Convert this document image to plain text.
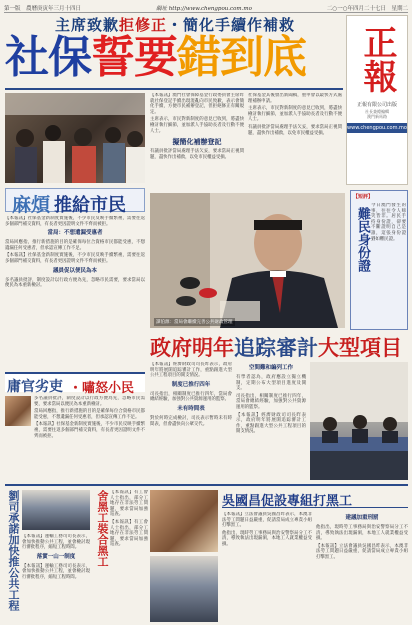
第一版　農曆庚寅年三月十四日	網址 http://www.chengpou.com.mo	二○一○年四月二十七日　星期二
主席致歉拒修正・簡化手續作補救
社保誓要錯到底	正報
正報有限公司出版
社長兼總編輯
澳門新馬路
www.chengpou.com.mo

【本報訊】澳門社會保障基金行政委員會主席昨就社保登記手續出現混亂向市民致歉，表示會簡化手續，方便市民補辦登記，但拒絕修正有關規定。

主席表示，市民對新制度的意見已收到，將盡快檢討執行細節，並加派人手協助長者及行動不便人士。

擬簡化補辦登記

有議員批評當局處理手法欠妥，要求當局正視問題，盡快作出補救，以免市民權益受損。

社保基金其後發出新聞稿，重申會以最快方式處理補辦申請。

主席表示，市民對新制度的意見已收到，將盡快檢討執行細節，並加派人手協助長者及行動不便人士。

有議員批評當局處理手法欠妥，要求當局正視問題，盡快作出補救，以免市民權益受損。

麻煩 推給市民

【本報訊】社保基金新制度實施後，不少市民反映手續繁複，需要往返多個部門補交資料，有長者更因證明文件不齊而被拒。

當局：不想遺漏受惠者

當局回應指，推行新措施的目的是確保每位合資格市民都能受惠，不想遺漏任何受惠者，但承認宣傳工作不足。

【本報訊】社保基金新制度實施後，不少市民反映手續繁複，需要往返多個部門補交資料，有長者更因證明文件不齊而被拒。

議員促以便民為本

多名議員批評，制度設計以行政方便為先，忽略市民需要，要求當局以便民為本重新檢討。

庸官劣吏 ・嘯怒小民

多名議員批評，制度設計以行政方便為先，忽略市民需要，要求當局以便民為本重新檢討。

當局回應指，推行新措施的目的是確保每位合資格市民都能受惠，不想遺漏任何受惠者，但承認宣傳工作不足。

【本報訊】社保基金新制度實施後，不少市民反映手續繁複，需要往返多個部門補交資料，有長者更因證明文件不齊而被拒。

譚伯源：當局會繼續完善公共財政管理
【短評】
難民身份證
今日澳門發生的事，往往令人啼笑皆非。居民手持身份證，卻要不斷證明自己是誰，這張身份證猶如難民證。
政府明年追踪審計大型項目

【本報訊】經濟財政司司長昨表示，政府明年將展開追踪審計工作，重點跟進大型公共工程項目的開支情況。

制度已推行四年

司長指出，相關制度已推行四年，當局會總結經驗，加強對公共資源運用的監察。

未有時間表

對於何時完成檢討，司長表示暫時未有時間表，但會盡快向公眾交代。

空間難和編列工作

有學者認為，政府應設立獨立機制，定期公布大型項目進度及開支。

司長指出，相關制度已推行四年，當局會總結經驗，加強對公共資源運用的監察。

【本報訊】經濟財政司司長昨表示，政府明年將展開追踪審計工作，重點跟進大型公共工程項目的開支情況。

劉司承諾加快推公共工程 【本報訊】運輸工務司司長表示，會加快推動公共工程，並會檢討現行審批程序，縮短工程時間。

落實一山一制度

【本報訊】運輸工務司司長表示，會加快推動公共工程，並會檢討現行審批程序，縮短工程時間。

舍黑工裝合黑工 【本報訊】有工會人士指出，部分工地存在非法勞工問題，要求當局加強巡查。

【本報訊】有工會人士指出，部分工地存在非法勞工問題，要求當局加強巡查。

吳國昌促設專組打黑工

【本報訊】立法會議員吳國昌昨表示，本澳非法勞工問題日益嚴重，促請當局成立專責小組打擊黑工。

他指出，現時勞工事務局與治安警察局分工不清，導致執法出現漏洞，本地工人就業權益受損。

建議加重刑罰

他指出，現時勞工事務局與治安警察局分工不清，導致執法出現漏洞，本地工人就業權益受損。

【本報訊】立法會議員吳國昌昨表示，本澳非法勞工問題日益嚴重，促請當局成立專責小組打擊黑工。
